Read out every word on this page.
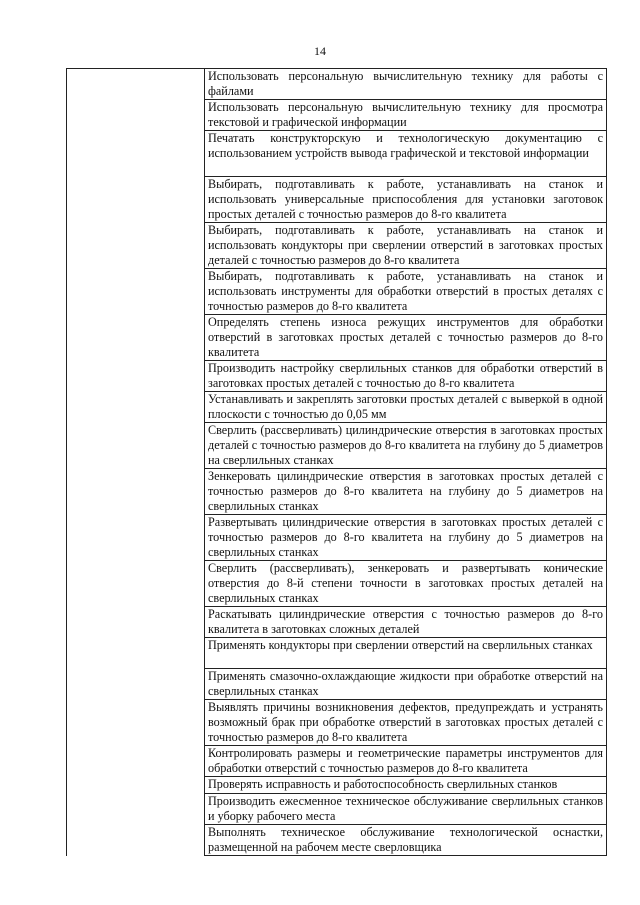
14
Использовать персональную вычислительную технику для работы с файлами
Использовать персональную вычислительную технику для просмотра текстовой и графической информации
Печатать конструкторскую и технологическую документацию с использованием устройств вывода графической и текстовой информации
Выбирать, подготавливать к работе, устанавливать на станок и использовать универсальные приспособления для установки заготовок простых деталей с точностью размеров до 8-го квалитета
Выбирать, подготавливать к работе, устанавливать на станок и использовать кондукторы при сверлении отверстий в заготовках простых деталей с точностью размеров до 8-го квалитета
Выбирать, подготавливать к работе, устанавливать на станок и использовать инструменты для обработки отверстий в простых деталях с точностью размеров до 8-го квалитета
Определять степень износа режущих инструментов для обработки отверстий в заготовках простых деталей с точностью размеров до 8-го квалитета
Производить настройку сверлильных станков для обработки отверстий в заготовках простых деталей с точностью до 8-го квалитета
Устанавливать и закреплять заготовки простых деталей с выверкой в одной плоскости с точностью до 0,05 мм
Сверлить (рассверливать) цилиндрические отверстия в заготовках простых деталей с точностью размеров до 8-го квалитета на глубину до 5 диаметров на сверлильных станках
Зенкеровать цилиндрические отверстия в заготовках простых деталей с точностью размеров до 8-го квалитета на глубину до 5 диаметров на сверлильных станках
Развертывать цилиндрические отверстия в заготовках простых деталей с точностью размеров до 8-го квалитета на глубину до 5 диаметров на сверлильных станках
Сверлить (рассверливать), зенкеровать и развертывать конические отверстия до 8-й степени точности в заготовках простых деталей на сверлильных станках
Раскатывать цилиндрические отверстия с точностью размеров до 8-го квалитета в заготовках сложных деталей
Применять кондукторы при сверлении отверстий на сверлильных станках
Применять смазочно-охлаждающие жидкости при обработке отверстий на сверлильных станках
Выявлять причины возникновения дефектов, предупреждать и устранять возможный брак при обработке отверстий в заготовках простых деталей с точностью размеров до 8-го квалитета
Контролировать размеры и геометрические параметры инструментов для обработки отверстий с точностью размеров до 8-го квалитета
Проверять исправность и работоспособность сверлильных станков
Производить ежесменное техническое обслуживание сверлильных станков и уборку рабочего места
Выполнять техническое обслуживание технологической оснастки, размещенной на рабочем месте сверловщика
